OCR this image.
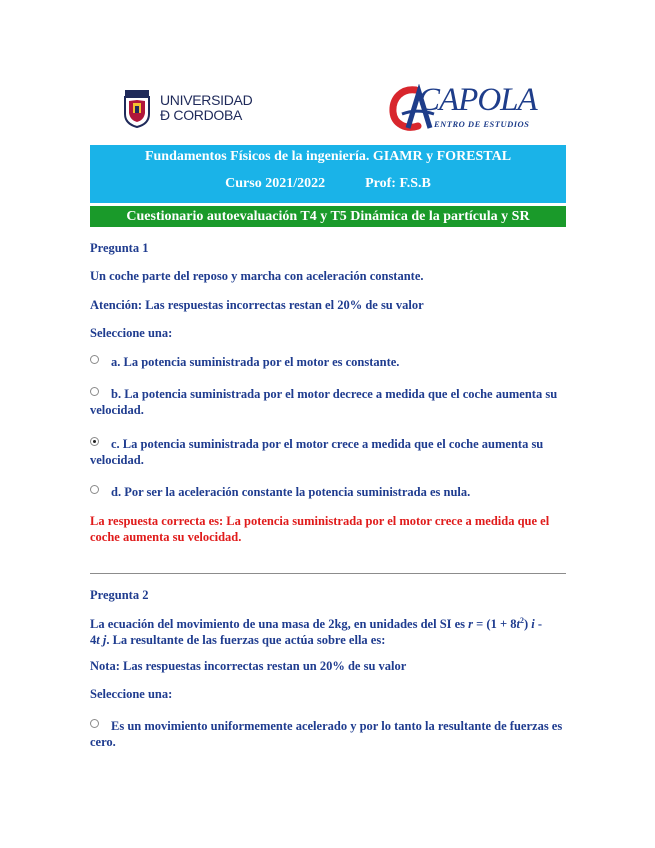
UNIVERSIDAD
Ð CORDOBA	CAPOLA
ENTRO DE ESTUDIOS
Fundamentos Físicos de la ingeniería. GIAMR y FORESTAL
Curso 2021/2022	Prof: F.S.B
Cuestionario autoevaluación T4 y T5 Dinámica de la partícula y SR
Pregunta 1
Un coche parte del reposo y marcha con aceleración constante.
Atención: Las respuestas incorrectas restan el 20% de su valor
Seleccione una:
a. La potencia suministrada por el motor es constante.
b. La potencia suministrada por el motor decrece a medida que el coche aumenta su velocidad.
c. La potencia suministrada por el motor crece a medida que el coche aumenta su velocidad.
d. Por ser la aceleración constante la potencia suministrada es nula.
La respuesta correcta es: La potencia suministrada por el motor crece a medida que el coche aumenta su velocidad.
Pregunta 2
La ecuación del movimiento de una masa de 2kg, en unidades del SI es $r = (1 + 8t^2)$ i -
4t j. La resultante de las fuerzas que actúa sobre ella es:
Nota: Las respuestas incorrectas restan un 20% de su valor
Seleccione una:
Es un movimiento uniformemente acelerado y por lo tanto la resultante de fuerzas es cero.
